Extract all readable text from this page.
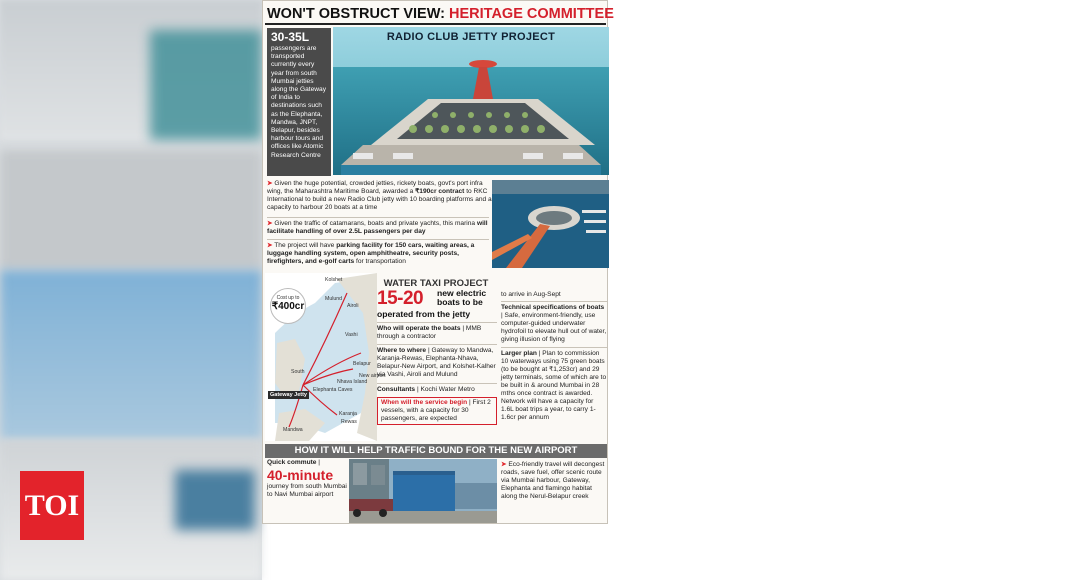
TOI
WON'T OBSTRUCT VIEW: HERITAGE COMMITTEE
30-35L
passengers are transported currently every year from south Mumbai jetties along the Gateway of India to destinations such as the Elephanta, Mandwa, JNPT, Belapur, besides harbour tours and offices like Atomic Research Centre
RADIO CLUB JETTY PROJECT
➤ Given the huge potential, crowded jetties, rickety boats, govt's port infra wing, the Maharashtra Maritime Board, awarded a ₹190cr contract to RKC International to build a new Radio Club jetty with 10 boarding platforms and a capacity to harbour 20 boats at a time
➤ Given the traffic of catamarans, boats and private yachts, this marina will facilitate handling of over 2.5L passengers per day
➤ The project will have parking facility for 150 cars, waiting areas, a luggage handling system, open amphitheatre, security posts, firefighters, and e-golf carts for transportation
WATER TAXI PROJECT
Kolshet
Mulund
Airoli
Vashi
Belapur
New airport
Nhava Island
Elephanta Caves
Karanja
Rewas
Mandwa
South
Cost up to
₹400cr
Gateway Jetty
15-20 new electric boats to be
operated from the jetty
Who will operate the boats | MMB through a contractor
Where to where | Gateway to Mandwa, Karanja-Rewas, Elephanta-Nhava, Belapur-New Airport, and Kolshet-Kalher via Vashi, Airoli and Mulund
Consultants | Kochi Water Metro
When will the service begin | First 2 vessels, with a capacity for 30 passengers, are expected
to arrive in Aug-Sept
Technical specifications of boats | Safe, environment-friendly, use computer-guided underwater hydrofoil to elevate hull out of water, giving illusion of flying
Larger plan | Plan to commission 10 waterways using 75 green boats (to be bought at ₹1,253cr) and 29 jetty terminals, some of which are to be built in & around Mumbai in 28 mths once contract is awarded. Network will have a capacity for 1.6L boat trips a year, to carry 1-1.6cr per annum
HOW IT WILL HELP TRAFFIC BOUND FOR THE NEW AIRPORT
Quick commute |
40-minute
journey from south Mumbai to Navi Mumbai airport
➤ Eco-friendly travel will decongest roads, save fuel, offer scenic route via Mumbai harbour, Gateway, Elephanta and flamingo habitat along the Nerul-Belapur creek
